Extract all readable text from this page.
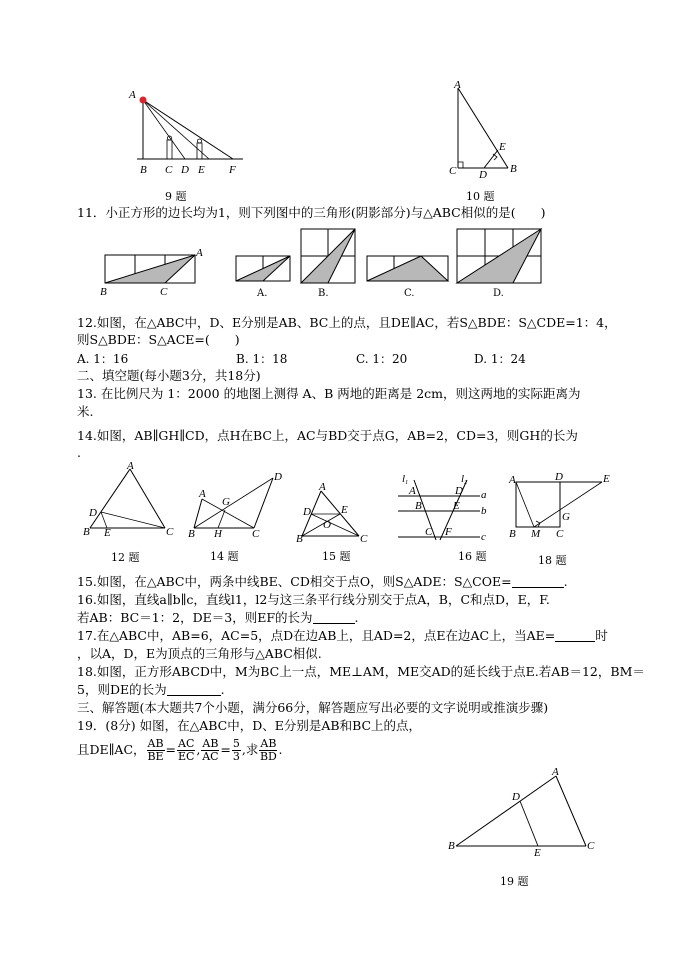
A
B C D E F
9 题
A
C D
E
B
10 题
11．小正方形的边长均为1，则下列图中的三角形(阴影部分)与△ABC相似的是(　　)
A
B	C	A.	B.	C.	D.
12.如图，在△ABC中，D、E分别是AB、BC上的点，且DE∥AC，若S△BDE：S△CDE=1：4，
则S△BDE：S△ACE=(　　)
A. 1：16	B. 1：18	C. 1：20	D. 1：24
二、填空题(每小题3分，共18分)
13. 在比例尺为 1：2000 的地图上测得 A、B 两地的距离是 2cm，则这两地的实际距离为
米.
14.如图，AB∥GH∥CD，点H在BC上，AC与BD交于点G，AB=2，CD=3，则GH的长为
.
A
D
B E	C
12 题
A
G
D
B H	C
14 题
A
D	E
O
B	C
15 题
l1	l2
A	D a
B	E b
C F	c
16 题
A	D	E
G
B M C
18 题
15.如图，在△ABC中，两条中线BE、CD相交于点O，则S△ADE：S△COE=	.
16.如图，直线a∥b∥c，直线l1，l2与这三条平行线分别交于点A，B，C和点D，E，F.
若AB：BC＝1：2，DE＝3，则EF的长为	.
17.在△ABC中，AB=6，AC=5，点D在边AB上，且AD=2，点E在边AC上，当AE=	时
，以A，D，E为顶点的三角形与△ABC相似.
18.如图，正方形ABCD中，M为BC上一点，ME⊥AM，ME交AD的延长线于点E.若AB＝12，BM＝
5，则DE的长为	.
三、解答题(本大题共7个小题，满分66分，解答题应写出必要的文字说明或推演步骤)
19．(8分) 如图，在△ABC中，D、E分别是AB和BC上的点，
且DE∥AC， $\frac{AB}{BE} = \frac{AC}{EC}$ , $\frac{AB}{AC} = \frac{5}{3}$ ,求 $\frac{AB}{BD}$ .
A
D
B
E
C
19 题
